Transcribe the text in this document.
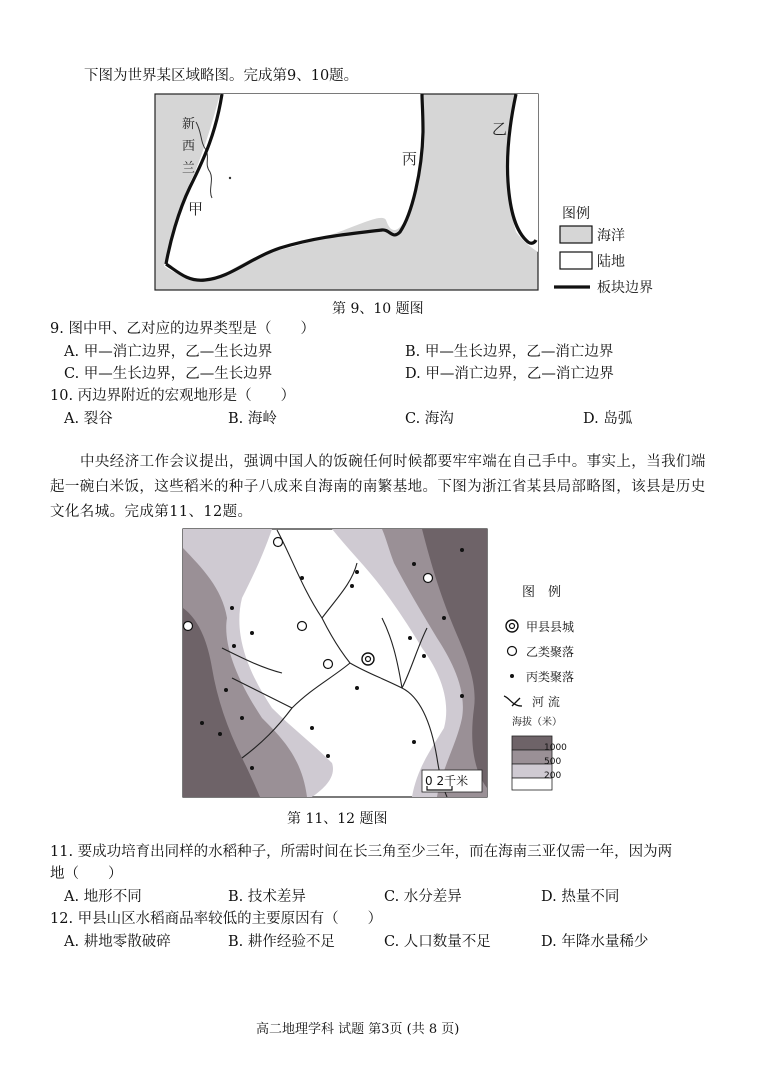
下图为世界某区域略图。完成第9、10题。
新
西
兰
甲
丙
乙
图例
海洋
陆地
板块边界
第 9、10 题图
9. 图中甲、乙对应的边界类型是（　　）
A. 甲—消亡边界，乙—生长边界	B. 甲—生长边界，乙—消亡边界
C. 甲—生长边界，乙—生长边界	D. 甲—消亡边界，乙—消亡边界
10. 丙边界附近的宏观地形是（　　）
A. 裂谷	B. 海岭	C. 海沟	D. 岛弧
中央经济工作会议提出，强调中国人的饭碗任何时候都要牢牢端在自己手中。事实上，当我们端起一碗白米饭，这些稻米的种子八成来自海南的南繁基地。下图为浙江省某县局部略图，该县是历史文化名城。完成第11、12题。
0 2千米
图　例
甲县县城
乙类聚落
丙类聚落
河 流
海拔（米）
1000
500
200
第 11、12 题图
11. 要成功培育出同样的水稻种子，所需时间在长三角至少三年，而在海南三亚仅需一年，因为两
地（　　）
A. 地形不同	B. 技术差异	C. 水分差异	D. 热量不同
12. 甲县山区水稻商品率较低的主要原因有（　　）
A. 耕地零散破碎	B. 耕作经验不足	C. 人口数量不足	D. 年降水量稀少
高二地理学科 试题 第3页 (共 8 页)
